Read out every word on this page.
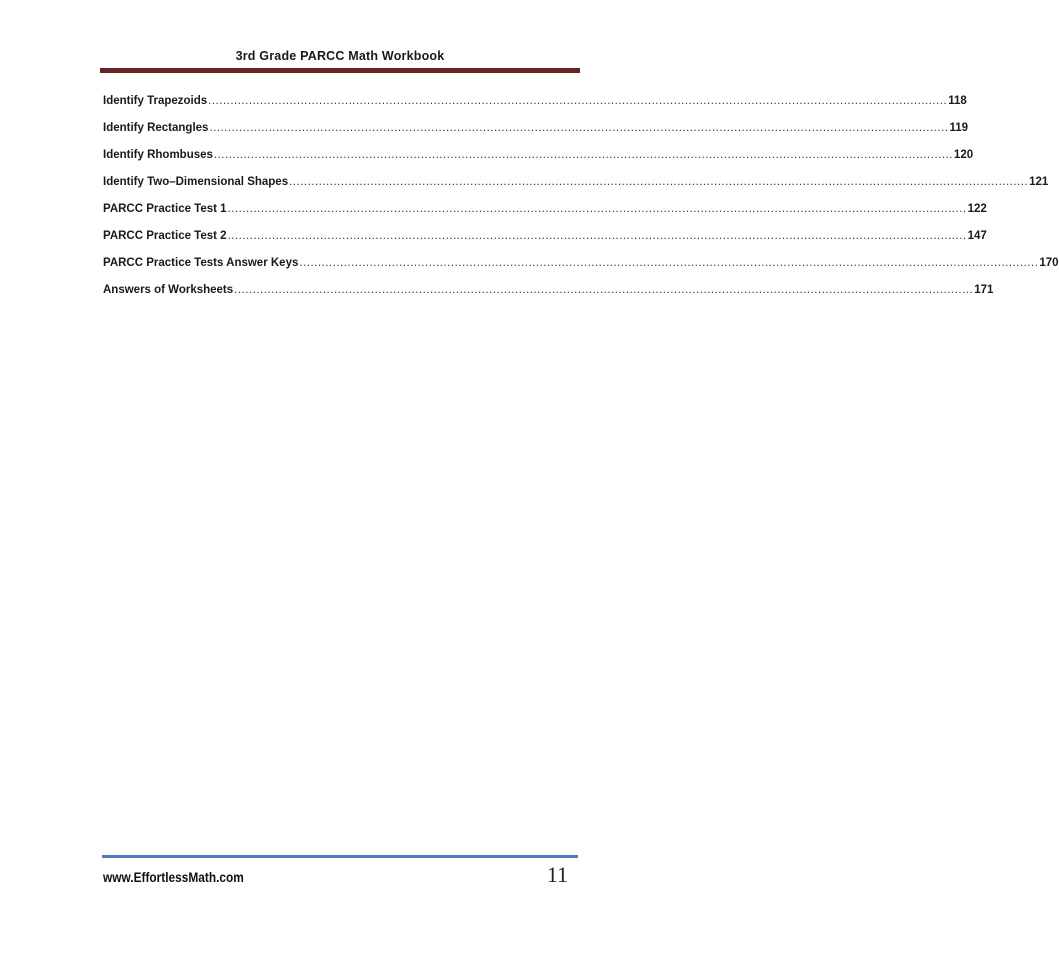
3rd Grade PARCC Math Workbook
Identify Trapezoids ........................................................................................................................................................................................................ 118
Identify Rectangles ........................................................................................................................................................................................................ 119
Identify Rhombuses ........................................................................................................................................................................................................ 120
Identify Two–Dimensional Shapes ........................................................................................................................................................................................................ 121
PARCC Practice Test 1 ........................................................................................................................................................................................................ 122
PARCC Practice Test 2 ........................................................................................................................................................................................................ 147
PARCC Practice Tests Answer Keys ........................................................................................................................................................................................................ 170
Answers of Worksheets ........................................................................................................................................................................................................ 171
www.EffortlessMath.com	11
